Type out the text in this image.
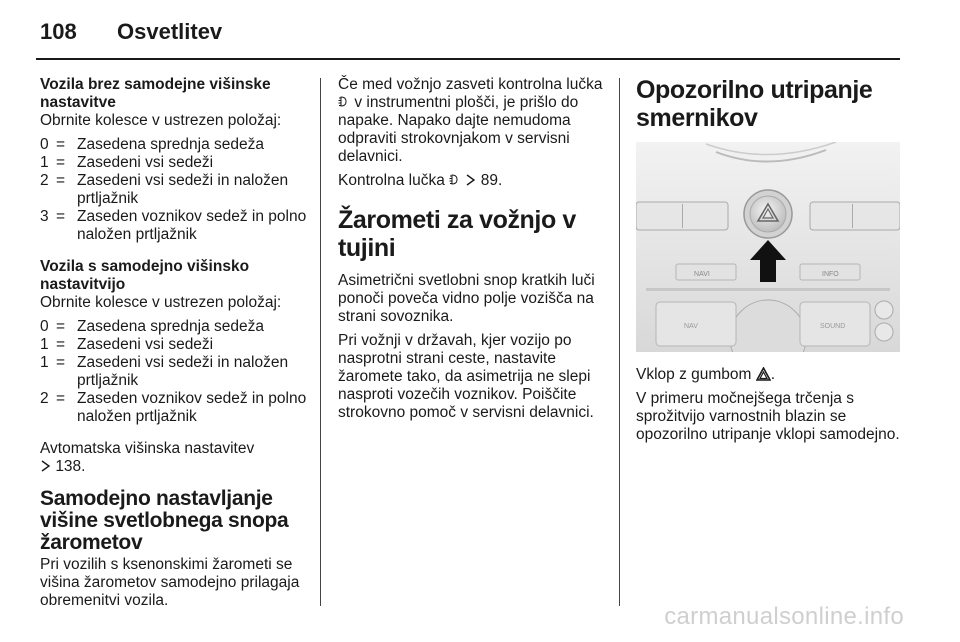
108 Osvetlitev

Vozila brez samodejne višinske nastavitve

Obrnite kolesce v ustrezen položaj:

0 = Zasedena sprednja sedeža
1 = Zasedeni vsi sedeži
2 = Zasedeni vsi sedeži in naložen prtljažnik
3 = Zaseden voznikov sedež in polno naložen prtljažnik

Vozila s samodejno višinsko nastavitvijo

Obrnite kolesce v ustrezen položaj:

0 = Zasedena sprednja sedeža
1 = Zasedeni vsi sedeži
1 = Zasedeni vsi sedeži in naložen prtljažnik
2 = Zaseden voznikov sedež in polno naložen prtljažnik

Avtomatska višinska nastavitev
138.

Samodejno nastavljanje višine svetlobnega snopa žarometov

Pri vozilih s ksenonskimi žarometi se višina žarometov samodejno prilagaja obremenitvi vozila.

Če med vožnjo zasveti kontrolna lučka  v instrumentni plošči, je prišlo do napake. Napako dajte nemudoma odpraviti strokovnjakom v servisni delavnici.

Kontrolna lučka 89.

Žarometi za vožnjo v tujini

Asimetrični svetlobni snop kratkih luči ponoči poveča vidno polje voziščа na strani sovoznika.

Pri vožnji v državah, kjer vozijo po nasprotni strani ceste, nastavite žaromete tako, da asimetrija ne slepi nasproti vozečih voznikov. Poiščite strokovno pomoč v servisni delavnici.

Opozorilno utripanje smernikov
NAVI	INFO
NAV	SOUND

Vklop z gumbom .

V primeru močnejšega trčenja s sprožitvijo varnostnih blazin se opozorilno utripanje vklopi samodejno.

carmanualsonline.info
